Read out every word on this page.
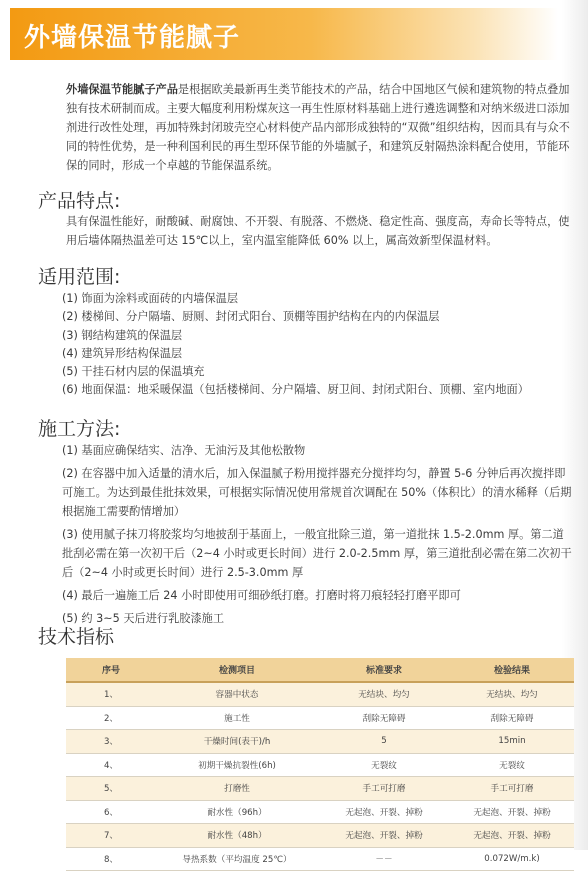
外墙保温节能腻子
外墙保温节能腻子产品是根据欧美最新再生类节能技术的产品，结合中国地区气候和建筑物的特点叠加独有技术研制而成。主要大幅度利用粉煤灰这一再生性原材料基础上进行遴选调整和对纳米级进口添加剂进行改性处理，再加特殊封闭玻壳空心材料使产品内部形成独特的“双微”组织结构，因而具有与众不同的特性优势，是一种利国利民的再生型环保节能的外墙腻子，和建筑反射隔热涂料配合使用，节能环保的同时，形成一个卓越的节能保温系统。
产品特点:
具有保温性能好，耐酸碱、耐腐蚀、不开裂、有脱落、不燃烧、稳定性高、强度高，寿命长等特点，使用后墙体隔热温差可达 15℃以上，室内温室能降低 60% 以上，属高效新型保温材料。
适用范围:
(1) 饰面为涂料或面砖的内墙保温层
(2) 楼梯间、分户隔墙、厨厕、封闭式阳台、顶棚等围护结构在内的内保温层
(3) 钢结构建筑的保温层
(4) 建筑异形结构保温层
(5) 干挂石材内层的保温填充
(6) 地面保温：地采暖保温（包括楼梯间、分户隔墙、厨卫间、封闭式阳台、顶棚、室内地面）
施工方法:
(1) 基面应确保结实、洁净、无油污及其他松散物
(2) 在容器中加入适量的清水后，加入保温腻子粉用搅拌器充分搅拌均匀，静置 5-6 分钟后再次搅拌即可施工。为达到最佳批抹效果，可根据实际情况使用常规首次调配在 50%（体积比）的清水稀释（后期根据施工需要酌情增加）
(3) 使用腻子抹刀将胶浆均匀地披刮于基面上，一般宜批除三道，第一道批抹 1.5-2.0mm 厚。第二道批刮必需在第一次初干后（2~4 小时或更长时间）进行 2.0-2.5mm 厚，第三道批刮必需在第二次初干后（2~4 小时或更长时间）进行 2.5-3.0mm 厚
(4) 最后一遍施工后 24 小时即使用可细砂纸打磨。打磨时将刀痕轻轻打磨平即可
(5) 约 3~5 天后进行乳胶漆施工
技术指标
序号	检测项目	标准要求	检验结果
1、	容器中状态	无结块、均匀	无结块、均匀
2、	施工性	刮除无障碍	刮除无障碍
3、	干燥时间(表干)/h	5	15min
4、	初期干燥抗裂性(6h)	无裂纹	无裂纹
5、	打磨性	手工可打磨	手工可打磨
6、	耐水性（96h）	无起泡、开裂、掉粉	无起泡、开裂、掉粉
7、	耐水性（48h）	无起泡、开裂、掉粉	无起泡、开裂、掉粉
8、	导热系数（平均温度 25℃）	－－	0.072W/m.k)
